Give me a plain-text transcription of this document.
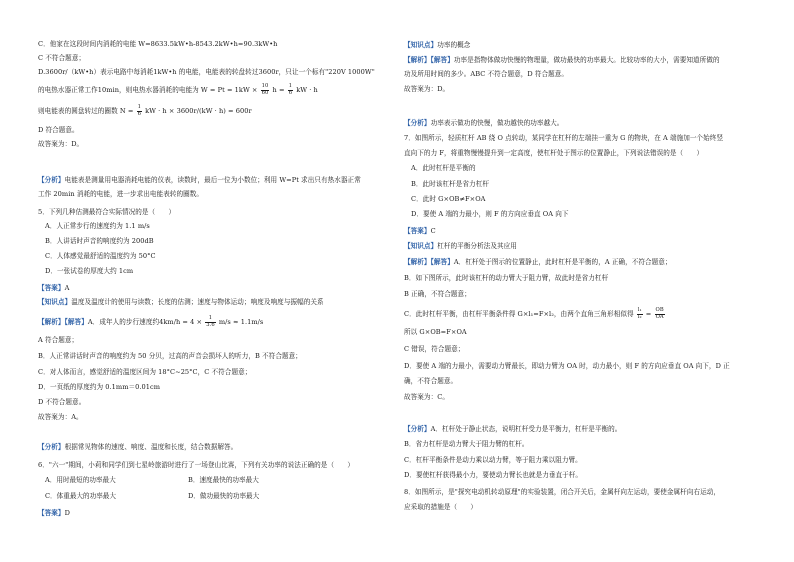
C．他家在这段时间内消耗的电能 W=8633.5kW•h-8543.2kW•h=90.3kW•h
C 不符合题意；
D.3600r/（kW•h）表示电路中每消耗1kW•h 的电能，电能表的转盘转过3600r，只让一个标有"220V 1000W"
的电热水器正常工作10min，则电热水器消耗的电能为 $W = Pt = 1kW \times \frac{10}{60}$ $h = \frac{1}{6}$ kW · h
则电能表的圆盘转过的圈数 $N = \frac{1}{6}$ kW · h × 3600r/(kW · h) = 600r
D 符合题意。
故答案为：D。
【分析】电能表是测量用电器消耗电能的仪表，读数时，最后一位为小数位；利用 W=Pt 求出只有热水器正常
工作 20min 消耗的电能，进一步求出电能表转的圈数。
5．下列几种估测最符合实际情况的是（　　）
A．人正常步行的速度约为 1.1 m/s
B．人讲话时声音的响度约为 200dB
C．人体感觉最舒适的温度约为 50°C
D．一张试卷的厚度大约 1cm
【答案】A
【知识点】温度及温度计的使用与读数；长度的估测；速度与物体运动；响度及响度与振幅的关系
【解析】【解答】A．成年人的步行速度约$4km/h = 4 \times \frac{1}{3.6} m/s \approx 1.1m/s$
A 符合题意；
B．人正常讲话时声音的响度约为 50 分贝，过高的声音会损坏人的听力，B 不符合题意；
C．对人体而言，感觉舒适的温度区间为 18°C~25°C，C 不符合题意；
D．一页纸的厚度约为 0.1mm＝0.01cm
D 不符合题意。
故答案为：A。
【分析】根据常见物体的速度、响度、温度和长度，结合数据解答。
6．"六一"期间，小莉和同学们到七星岭旅游时进行了一场登山比赛，下列有关功率的说法正确的是（　　）
A．用时最短的功率最大	B．速度最快的功率最大
C．体重最大的功率最大	D．做功最快的功率最大
【答案】D
【知识点】功率的概念
【解析】【解答】功率是指物体做功快慢的物理量，做功最快的功率最大。比较功率的大小，需要知道所做的
功及所用时间的多少。ABC 不符合题意，D 符合题意。
故答案为：D。
【分析】功率表示做功的快慢，做功越快的功率越大。
7．如图所示，轻质杠杆 AB 绕 O 点转动，某同学在杠杆的左端挂一重为 G 的物块，在 A 端施加一个始终竖
直向下的力 F，将重物慢慢提升到一定高度，使杠杆处于图示的位置静止，下列说法错误的是（　　）
A．此时杠杆是平衡的
B．此时该杠杆是省力杠杆
C．此时 G×OB≠F×OA
D．要使 A 端的力最小，则 F 的方向应垂直 OA 向下
【答案】C
【知识点】杠杆的平衡分析法及其应用
【解析】【解答】A．杠杆处于图示的位置静止，此时杠杆是平衡的，A 正确，不符合题意；
B．如下图所示，此时该杠杆的动力臂大于阻力臂，故此时是省力杠杆
B 正确，不符合题意；
C．此时杠杆平衡，由杠杆平衡条件得 G×l₁=F×l₂，由两个直角三角形相似得 $\frac{\text{l₁}}{\text{l₂}} = \frac{OB}{OA}$
所以 G×OB=F×OA
C 错误，符合题意；
D．要使 A 端的力最小，需要动力臂最长，即动力臂为 OA 时，动力最小，则 F 的方向应垂直 OA 向下，D 正
确，不符合题意。
故答案为：C。
【分析】A．杠杆处于静止状态，说明杠杆受力是平衡力，杠杆是平衡的。
B．省力杠杆是动力臂大于阻力臂的杠杆。
C．杠杆平衡条件是动力乘以动力臂，等于阻力乘以阻力臂。
D．要使杠杆获得最小力，要使动力臂长也就是力垂直于杆。
8．如图所示，是"探究电动机转动原理"的实验装置，闭合开关后，金属杆向左运动，要使金属杆向右运动，
应采取的措施是（　　）
